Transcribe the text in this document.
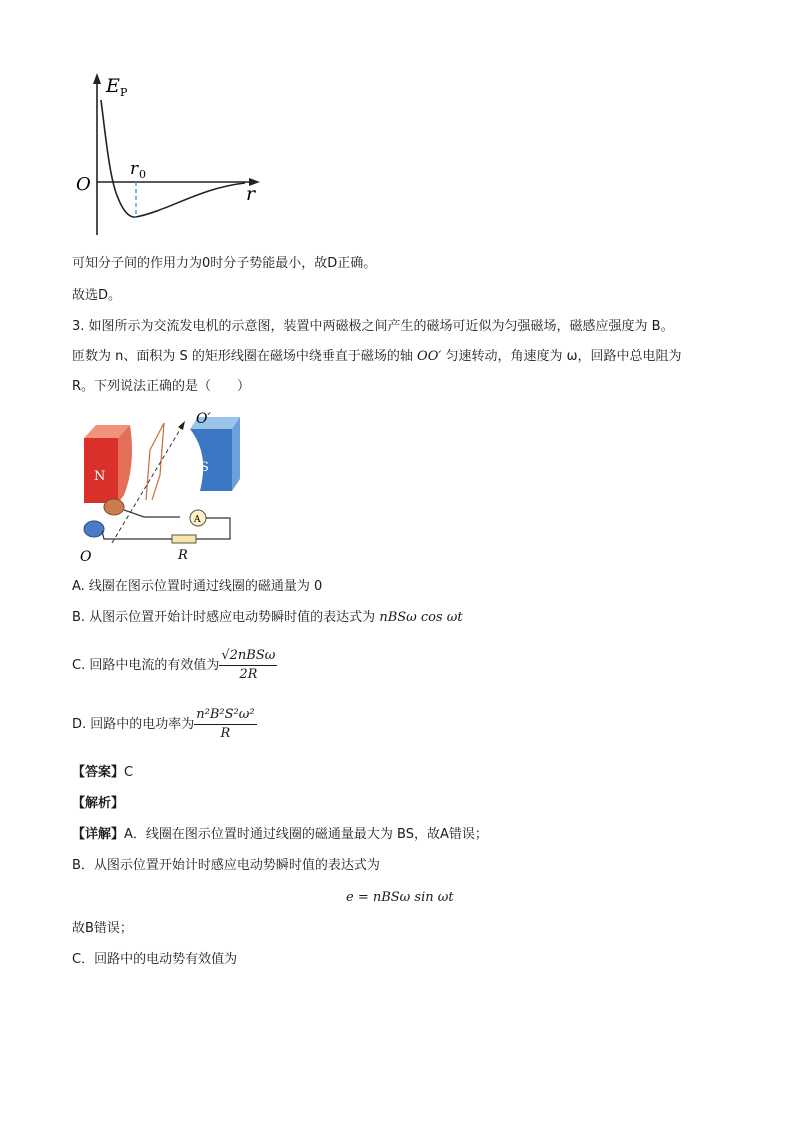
E P
O
r 0
r
可知分子间的作用力为0时分子势能最小，故D正确。
故选D。
3. 如图所示为交流发电机的示意图，装置中两磁极之间产生的磁场可近似为匀强磁场，磁感应强度为 B。
匝数为 n、面积为 S 的矩形线圈在磁场中绕垂直于磁场的轴 OO′ 匀速转动，角速度为 ω，回路中总电阻为
R。下列说法正确的是（　　）
N
S
O′
A
R
O
A. 线圈在图示位置时通过线圈的磁通量为 0
B. 从图示位置开始计时感应电动势瞬时值的表达式为 nBSω cos ωt
C. 回路中电流的有效值为 $\frac{\text{√2nBSω}}{2R}$
D. 回路中的电功率为 $\frac{\text{n²B²S²ω²}}{R}$
【答案】C
【解析】
【详解】A．线圈在图示位置时通过线圈的磁通量最大为 BS，故A错误；
B．从图示位置开始计时感应电动势瞬时值的表达式为
e = nBSω sin ωt
故B错误；
C．回路中的电动势有效值为
